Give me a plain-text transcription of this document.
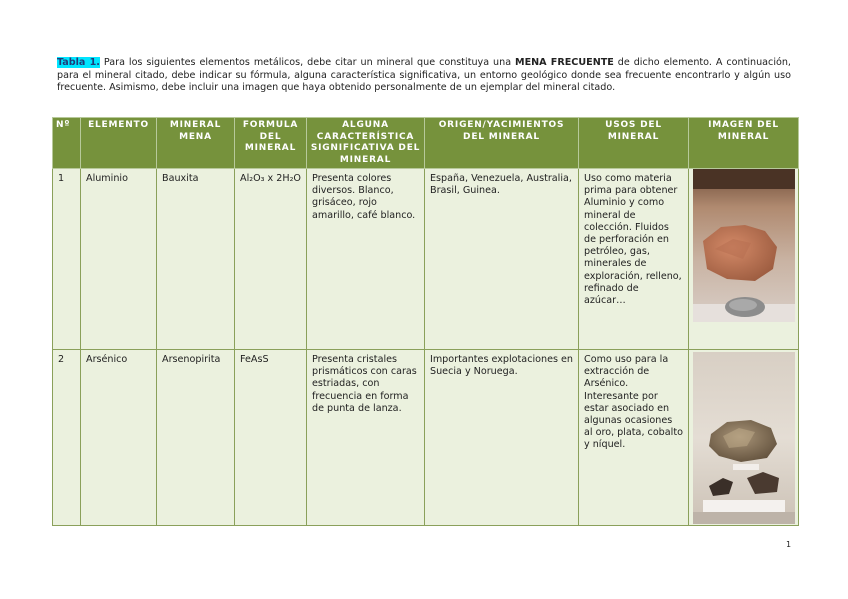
Tabla 1. Para los siguientes elementos metálicos, debe citar un mineral que constituya una MENA FRECUENTE de dicho elemento. A continuación, para el mineral citado, debe indicar su fórmula, alguna característica significativa, un entorno geológico donde sea frecuente encontrarlo y algún uso frecuente. Asimismo, debe incluir una imagen que haya obtenido personalmente de un ejemplar del mineral citado.
Nº	ELEMENTO	MINERAL MENA	FORMULA DEL MINERAL	ALGUNA CARACTERÍSTICA SIGNIFICATIVA DEL MINERAL	ORIGEN/YACIMIENTOS DEL MINERAL	USOS DEL MINERAL	IMAGEN DEL MINERAL
1	Aluminio	Bauxita	Al₂O₃ x 2H₂O	Presenta colores diversos. Blanco, grisáceo, rojo amarillo, café blanco.	España, Venezuela, Australia, Brasil, Guinea.	Uso como materia prima para obtener Aluminio y como mineral de colección. Fluidos de perforación en petróleo, gas, minerales de exploración, relleno, refinado de azúcar…	

2	Arsénico	Arsenopirita	FeAsS	Presenta cristales prismáticos con caras estriadas, con frecuencia en forma de punta de lanza.	Importantes explotaciones en Suecia y Noruega.	Como uso para la extracción de Arsénico. Interesante por estar asociado en algunas ocasiones al oro, plata, cobalto y níquel.	
1
